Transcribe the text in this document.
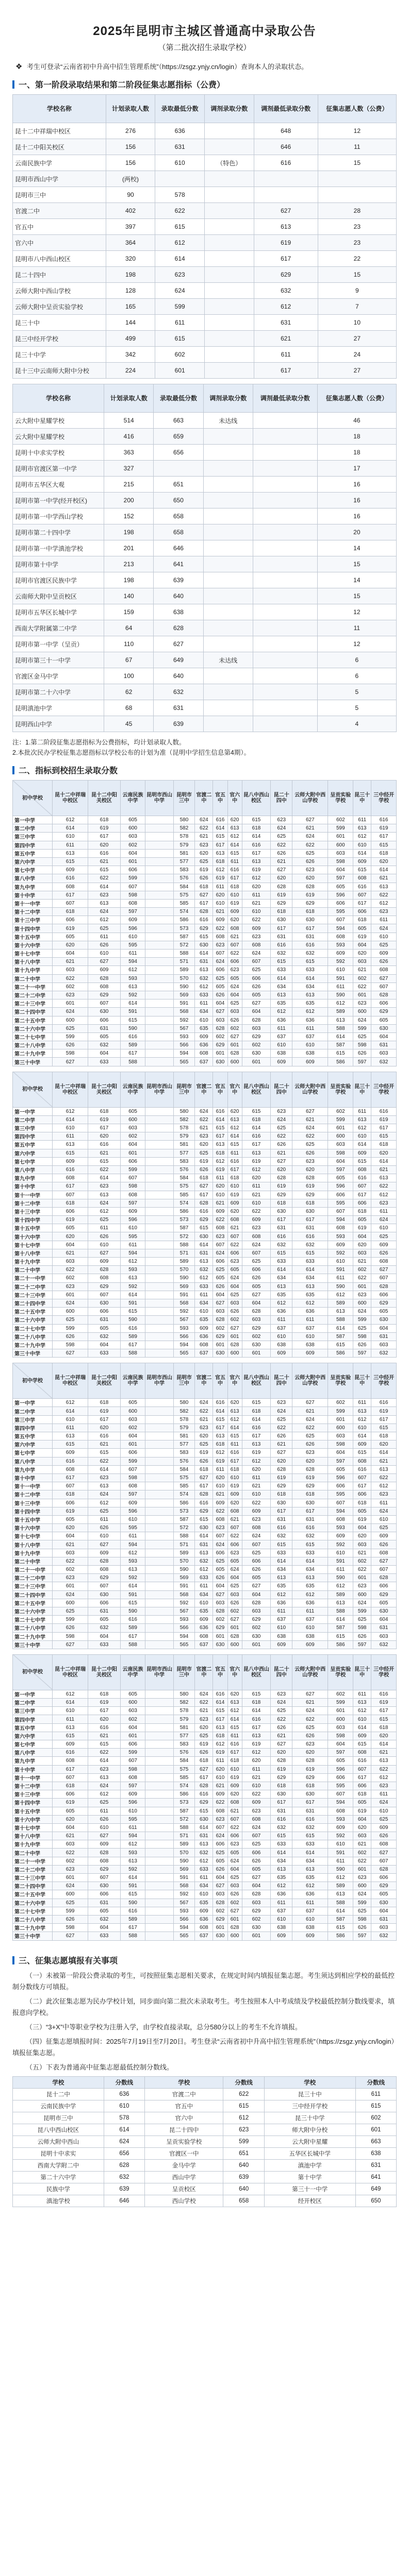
2025年昆明市主城区普通高中录取公告
（第二批次招生录取学校）
❖ 考生可登录“云南省初中升高中招生管理系统”（https://zsgz.ynjy.cn/login）查询本人的录取状态。
一、第一阶段录取结果和第二阶段征集志愿指标（公费）
学校名称	计划录取人数	录取最低分数	调剂录取分数	调剂最低录取分数	征集志愿人数（公费）
昆十二中祥瑞中校区	276	636		648	12
昆十二中阳关校区	156	631		646	11
云南民族中学	156	610	（特色）	616	15
昆明市西山中学	(两校)				
昆明市三中	90	578			
官渡二中	402	622		627	28
官五中	397	615		613	23
官六中	364	612		619	23
昆明市八中西山校区	320	614		617	22
昆二十四中	198	623		629	15
云师大附中西山学校	128	624		632	9
云师大附中呈贡实验学校	165	599		612	7
昆三十中	144	611		631	10
昆三中经开学校	499	615		621	27
昆三十中学	342	602		611	24
昆十三中云南师大附中分校	224	601		617	27
学校名称	计划录取人数	录取最低分数	调剂录取分数	调剂最低录取分数	征集志愿人数（公费）
云大附中星耀学校	514	663	未达线		46
云大附中星耀学校	416	659			18
昆明十中求实学校	363	656			18
昆明市官渡区第一中学	327				17
昆明市五华区大观	215	651			16
昆明市第一中学(经开校区)	200	650			16
昆明市第一中学西山学校	152	658			16
昆明市第二十四中学	198	658			20
昆明市第一中学滇池学校	201	646			14
昆明市第十中学	213	641			15
昆明市官渡区民族中学	198	639			14
云南师大附中呈贡校区	140	640			15
昆明市五华区长城中学	159	638			12
西南大学附属第二中学	64	628			11
昆明市第一中学（呈贡）	110	627			12
昆明市第三十一中学	67	649	未达线		6
官渡区金马中学	100	640			6
昆明市第二十六中学	62	632			5
昆明滇池中学	68	631			5
昆明西山中学	45	639			4
注：1.第二阶段征集志愿指标为公费指标，均计划录取人数。
2.本批次民办学校征集志愿指标以学校公布的计划为准（昆明中学招生信息第4期）。
二、指标到校招生录取分数
初中学校	昆十二中祥瑞中校区	昆十二中阳关校区	云南民族中学	昆明市西山中学	昆明市三中	官渡二中	官五中	官六中	昆八中西山校区	昆二十四中	云师大附中西山学校	呈贡实验学校	昆三十中	三中经开学校
第一中学	612	618	605		580	624	616	620	615	623	627	602	611	616
第二中学	614	619	600		582	622	614	613	618	624	621	599	613	619
第三中学	610	617	603		578	621	615	612	614	625	624	601	612	617
第四中学	611	620	602		579	623	617	614	616	622	622	600	610	615
第五中学	613	616	604		581	620	613	615	617	626	625	603	614	618
第六中学	615	621	601		577	625	618	611	613	621	626	598	609	620
第七中学	609	615	606		583	619	612	616	619	627	623	604	615	614
第八中学	616	622	599		576	626	619	617	612	620	620	597	608	621
第九中学	608	614	607		584	618	611	618	620	628	628	605	616	613
第十中学	617	623	598		575	627	620	610	611	619	619	596	607	622
第十一中学	607	613	608		585	617	610	619	621	629	629	606	617	612
第十二中学	618	624	597		574	628	621	609	610	618	618	595	606	623
第十三中学	606	612	609		586	616	609	620	622	630	630	607	618	611
第十四中学	619	625	596		573	629	622	608	609	617	617	594	605	624
第十五中学	605	611	610		587	615	608	621	623	631	631	608	619	610
第十六中学	620	626	595		572	630	623	607	608	616	616	593	604	625
第十七中学	604	610	611		588	614	607	622	624	632	632	609	620	609
第十八中学	621	627	594		571	631	624	606	607	615	615	592	603	626
第十九中学	603	609	612		589	613	606	623	625	633	633	610	621	608
第二十中学	622	628	593		570	632	625	605	606	614	614	591	602	627
第二十一中学	602	608	613		590	612	605	624	626	634	634	611	622	607
第二十二中学	623	629	592		569	633	626	604	605	613	613	590	601	628
第二十三中学	601	607	614		591	611	604	625	627	635	635	612	623	606
第二十四中学	624	630	591		568	634	627	603	604	612	612	589	600	629
第二十五中学	600	606	615		592	610	603	626	628	636	636	613	624	605
第二十六中学	625	631	590		567	635	628	602	603	611	611	588	599	630
第二十七中学	599	605	616		593	609	602	627	629	637	637	614	625	604
第二十八中学	626	632	589		566	636	629	601	602	610	610	587	598	631
第二十九中学	598	604	617		594	608	601	628	630	638	638	615	626	603
第三十中学	627	633	588		565	637	630	600	601	609	609	586	597	632
初中学校	昆十二中祥瑞中校区	昆十二中阳关校区	云南民族中学	昆明市西山中学	昆明市三中	官渡二中	官五中	官六中	昆八中西山校区	昆二十四中	云师大附中西山学校	呈贡实验学校	昆三十中	三中经开学校
第一中学	612	618	605		580	624	616	620	615	623	627	602	611	616
第二中学	614	619	600		582	622	614	613	618	624	621	599	613	619
第三中学	610	617	603		578	621	615	612	614	625	624	601	612	617
第四中学	611	620	602		579	623	617	614	616	622	622	600	610	615
第五中学	613	616	604		581	620	613	615	617	626	625	603	614	618
第六中学	615	621	601		577	625	618	611	613	621	626	598	609	620
第七中学	609	615	606		583	619	612	616	619	627	623	604	615	614
第八中学	616	622	599		576	626	619	617	612	620	620	597	608	621
第九中学	608	614	607		584	618	611	618	620	628	628	605	616	613
第十中学	617	623	598		575	627	620	610	611	619	619	596	607	622
第十一中学	607	613	608		585	617	610	619	621	629	629	606	617	612
第十二中学	618	624	597		574	628	621	609	610	618	618	595	606	623
第十三中学	606	612	609		586	616	609	620	622	630	630	607	618	611
第十四中学	619	625	596		573	629	622	608	609	617	617	594	605	624
第十五中学	605	611	610		587	615	608	621	623	631	631	608	619	610
第十六中学	620	626	595		572	630	623	607	608	616	616	593	604	625
第十七中学	604	610	611		588	614	607	622	624	632	632	609	620	609
第十八中学	621	627	594		571	631	624	606	607	615	615	592	603	626
第十九中学	603	609	612		589	613	606	623	625	633	633	610	621	608
第二十中学	622	628	593		570	632	625	605	606	614	614	591	602	627
第二十一中学	602	608	613		590	612	605	624	626	634	634	611	622	607
第二十二中学	623	629	592		569	633	626	604	605	613	613	590	601	628
第二十三中学	601	607	614		591	611	604	625	627	635	635	612	623	606
第二十四中学	624	630	591		568	634	627	603	604	612	612	589	600	629
第二十五中学	600	606	615		592	610	603	626	628	636	636	613	624	605
第二十六中学	625	631	590		567	635	628	602	603	611	611	588	599	630
第二十七中学	599	605	616		593	609	602	627	629	637	637	614	625	604
第二十八中学	626	632	589		566	636	629	601	602	610	610	587	598	631
第二十九中学	598	604	617		594	608	601	628	630	638	638	615	626	603
第三十中学	627	633	588		565	637	630	600	601	609	609	586	597	632
初中学校	昆十二中祥瑞中校区	昆十二中阳关校区	云南民族中学	昆明市西山中学	昆明市三中	官渡二中	官五中	官六中	昆八中西山校区	昆二十四中	云师大附中西山学校	呈贡实验学校	昆三十中	三中经开学校
第一中学	612	618	605		580	624	616	620	615	623	627	602	611	616
第二中学	614	619	600		582	622	614	613	618	624	621	599	613	619
第三中学	610	617	603		578	621	615	612	614	625	624	601	612	617
第四中学	611	620	602		579	623	617	614	616	622	622	600	610	615
第五中学	613	616	604		581	620	613	615	617	626	625	603	614	618
第六中学	615	621	601		577	625	618	611	613	621	626	598	609	620
第七中学	609	615	606		583	619	612	616	619	627	623	604	615	614
第八中学	616	622	599		576	626	619	617	612	620	620	597	608	621
第九中学	608	614	607		584	618	611	618	620	628	628	605	616	613
第十中学	617	623	598		575	627	620	610	611	619	619	596	607	622
第十一中学	607	613	608		585	617	610	619	621	629	629	606	617	612
第十二中学	618	624	597		574	628	621	609	610	618	618	595	606	623
第十三中学	606	612	609		586	616	609	620	622	630	630	607	618	611
第十四中学	619	625	596		573	629	622	608	609	617	617	594	605	624
第十五中学	605	611	610		587	615	608	621	623	631	631	608	619	610
第十六中学	620	626	595		572	630	623	607	608	616	616	593	604	625
第十七中学	604	610	611		588	614	607	622	624	632	632	609	620	609
第十八中学	621	627	594		571	631	624	606	607	615	615	592	603	626
第十九中学	603	609	612		589	613	606	623	625	633	633	610	621	608
第二十中学	622	628	593		570	632	625	605	606	614	614	591	602	627
第二十一中学	602	608	613		590	612	605	624	626	634	634	611	622	607
第二十二中学	623	629	592		569	633	626	604	605	613	613	590	601	628
第二十三中学	601	607	614		591	611	604	625	627	635	635	612	623	606
第二十四中学	624	630	591		568	634	627	603	604	612	612	589	600	629
第二十五中学	600	606	615		592	610	603	626	628	636	636	613	624	605
第二十六中学	625	631	590		567	635	628	602	603	611	611	588	599	630
第二十七中学	599	605	616		593	609	602	627	629	637	637	614	625	604
第二十八中学	626	632	589		566	636	629	601	602	610	610	587	598	631
第二十九中学	598	604	617		594	608	601	628	630	638	638	615	626	603
第三十中学	627	633	588		565	637	630	600	601	609	609	586	597	632
初中学校	昆十二中祥瑞中校区	昆十二中阳关校区	云南民族中学	昆明市西山中学	昆明市三中	官渡二中	官五中	官六中	昆八中西山校区	昆二十四中	云师大附中西山学校	呈贡实验学校	昆三十中	三中经开学校
第一中学	612	618	605		580	624	616	620	615	623	627	602	611	616
第二中学	614	619	600		582	622	614	613	618	624	621	599	613	619
第三中学	610	617	603		578	621	615	612	614	625	624	601	612	617
第四中学	611	620	602		579	623	617	614	616	622	622	600	610	615
第五中学	613	616	604		581	620	613	615	617	626	625	603	614	618
第六中学	615	621	601		577	625	618	611	613	621	626	598	609	620
第七中学	609	615	606		583	619	612	616	619	627	623	604	615	614
第八中学	616	622	599		576	626	619	617	612	620	620	597	608	621
第九中学	608	614	607		584	618	611	618	620	628	628	605	616	613
第十中学	617	623	598		575	627	620	610	611	619	619	596	607	622
第十一中学	607	613	608		585	617	610	619	621	629	629	606	617	612
第十二中学	618	624	597		574	628	621	609	610	618	618	595	606	623
第十三中学	606	612	609		586	616	609	620	622	630	630	607	618	611
第十四中学	619	625	596		573	629	622	608	609	617	617	594	605	624
第十五中学	605	611	610		587	615	608	621	623	631	631	608	619	610
第十六中学	620	626	595		572	630	623	607	608	616	616	593	604	625
第十七中学	604	610	611		588	614	607	622	624	632	632	609	620	609
第十八中学	621	627	594		571	631	624	606	607	615	615	592	603	626
第十九中学	603	609	612		589	613	606	623	625	633	633	610	621	608
第二十中学	622	628	593		570	632	625	605	606	614	614	591	602	627
第二十一中学	602	608	613		590	612	605	624	626	634	634	611	622	607
第二十二中学	623	629	592		569	633	626	604	605	613	613	590	601	628
第二十三中学	601	607	614		591	611	604	625	627	635	635	612	623	606
第二十四中学	624	630	591		568	634	627	603	604	612	612	589	600	629
第二十五中学	600	606	615		592	610	603	626	628	636	636	613	624	605
第二十六中学	625	631	590		567	635	628	602	603	611	611	588	599	630
第二十七中学	599	605	616		593	609	602	627	629	637	637	614	625	604
第二十八中学	626	632	589		566	636	629	601	602	610	610	587	598	631
第二十九中学	598	604	617		594	608	601	628	630	638	638	615	626	603
第三十中学	627	633	588		565	637	630	600	601	609	609	586	597	632
三、征集志愿填报有关事项

（一）未被第一阶段公费录取的考生，可按照征集志愿相关要求，在规定时间内填报征集志愿。考生须达到相应学校的最低控制分数线方可填报。

（二）此次征集志愿为民办学校计划，同步面向第二批次未录取考生。考生按照本人中考成绩及学校最低控制分数线要求，填报意向学校。

（三）“3+X”中等职业学校为注册入学，由学校直接录取，总分580分以上的考生不允许填报。

（四）征集志愿填报时间：2025年7月19日至7月20日。考生登录“云南省初中升高中招生管理系统”（https://zsgz.ynjy.cn/login）填报征集志愿。

（五）下表为普通高中征集志愿最低控制分数线。

学校	分数线	学校	分数线	学校	分数线
昆十二中	636	官渡二中	622	昆三十中	611
云南民族中学	610	官五中	615	三中经开学校	615
昆明市三中	578	官六中	612	昆三十中学	602
昆八中西山校区	614	昆二十四中	623	师大附中分校	601
云师大附中西山	624	呈贡实验学校	599	云大附中星耀	663
昆明十中求实	656	官渡区一中	651	五华区长城中学	638
西南大学附二中	628	金马中学	640	滇池中学	631
第二十六中学	632	西山中学	639	第十中学	641
民族中学	639	呈贡校区	640	第三十一中学	649
滇池学校	646	西山学校	658	经开校区	650
